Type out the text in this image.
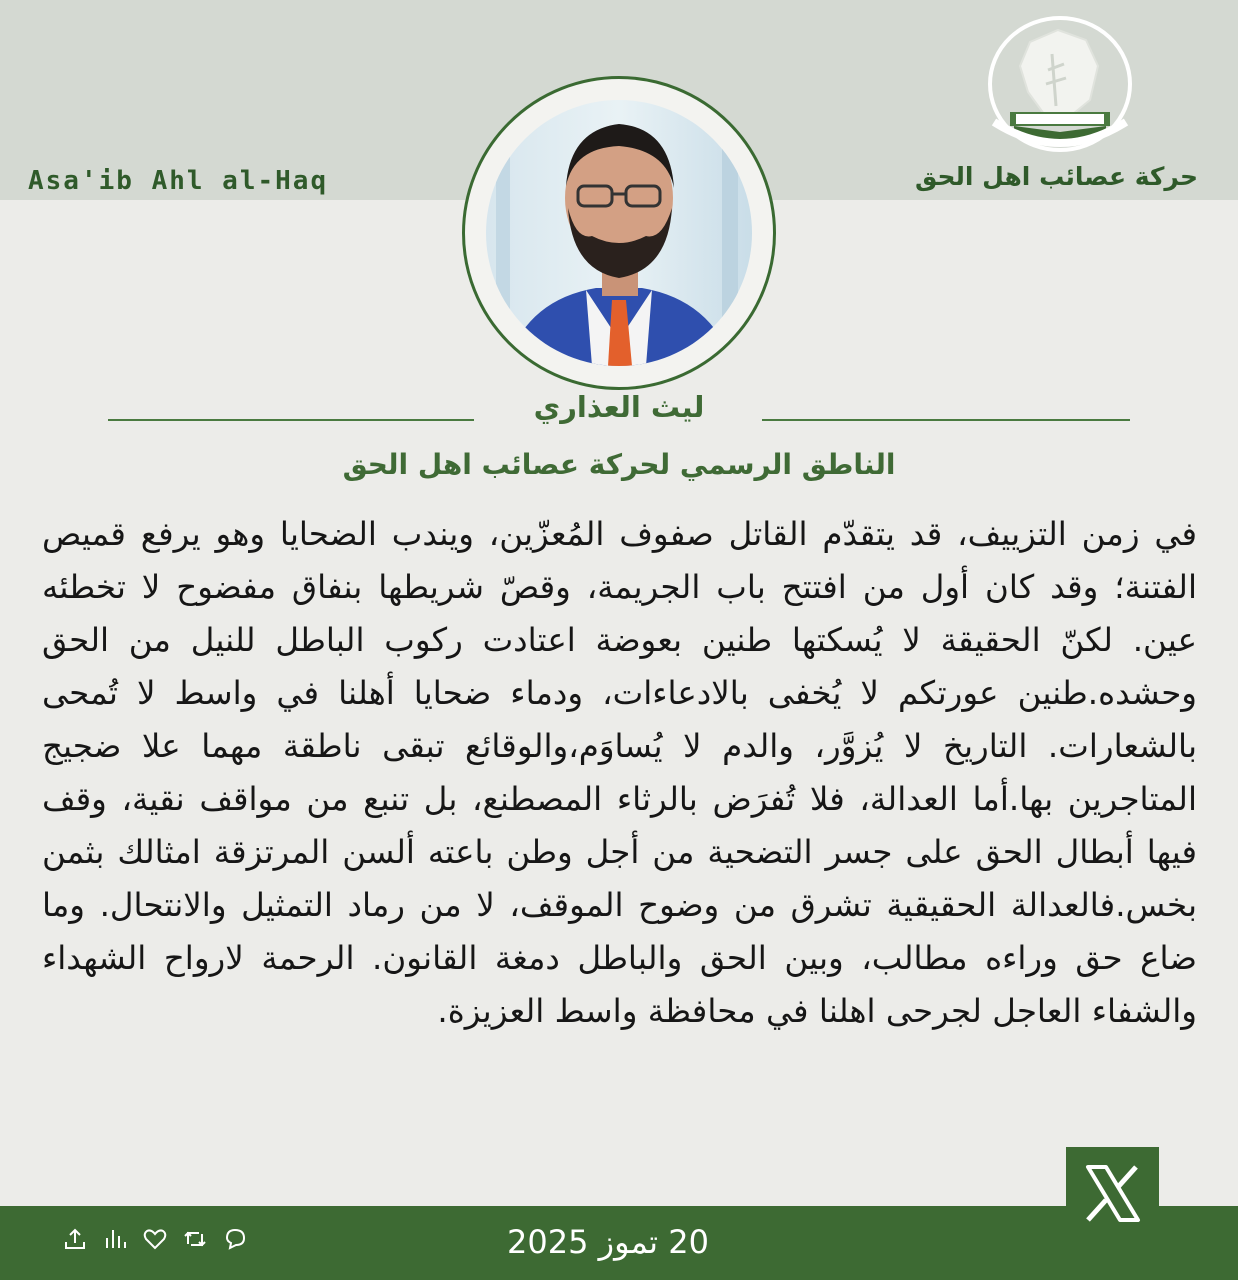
Asa'ib Ahl al-Haq	حركة عصائب اهل الحق
ليث العذاري
الناطق الرسمي لحركة عصائب اهل الحق

في زمن التزييف، قد يتقدّم القاتل صفوف المُعزّين، ويندب الضحايا وهو يرفع قميص الفتنة؛ وقد كان أول من افتتح باب الجريمة، وقصّ شريطها بنفاق مفضوح لا تخطئه عين. لكنّ الحقيقة لا يُسكتها طنين بعوضة اعتادت ركوب الباطل للنيل من الحق وحشده.طنين عورتكم لا يُخفى بالادعاءات، ودماء ضحايا أهلنا في واسط لا تُمحى بالشعارات. التاريخ لا يُزوَّر، والدم لا يُساوَم،والوقائع تبقى ناطقة مهما علا ضجيج المتاجرين بها.أما العدالة، فلا تُفرَض بالرثاء المصطنع، بل تنبع من مواقف نقية، وقف فيها أبطال الحق على جسر التضحية من أجل وطن باعته ألسن المرتزقة امثالك بثمن بخس.فالعدالة الحقيقية تشرق من وضوح الموقف، لا من رماد التمثيل والانتحال. وما ضاع حق وراءه مطالب، وبين الحق والباطل دمغة القانون. الرحمة لارواح الشهداء والشفاء العاجل لجرحى اهلنا في محافظة واسط العزيزة.

20 تموز 2025
